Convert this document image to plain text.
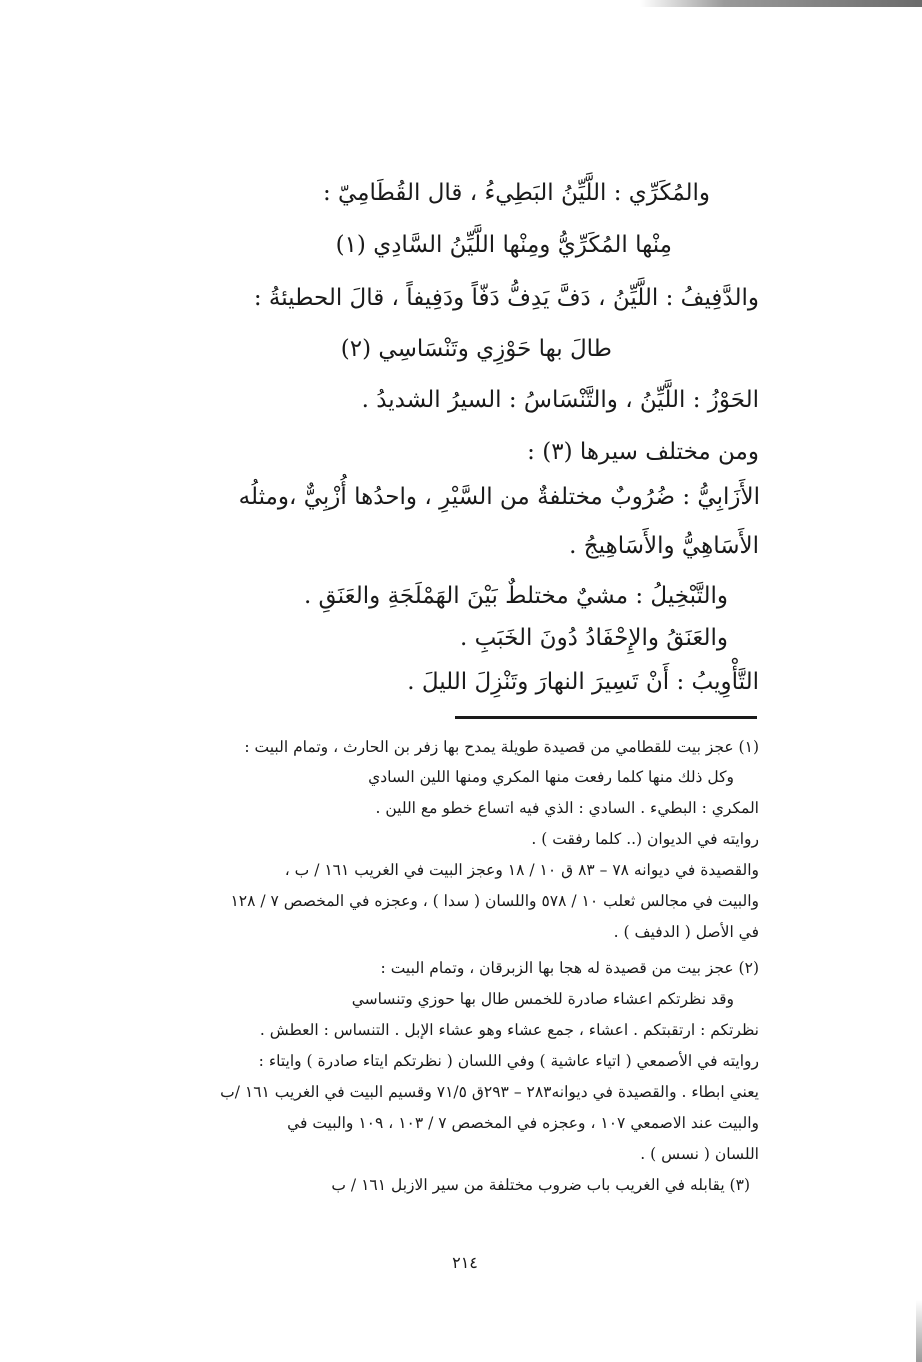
والمُكَرِّي : اللَّيِّنُ البَطِيءُ ، قال القُطَامِيّ :
مِنْها المُكَرِّيُّ ومِنْها اللَّيِّنُ السَّادِي (١)
والدَّفِيفُ : اللَّيِّنُ ، دَفَّ يَدِفُّ دَفّاً ودَفِيفاً ، قالَ الحطيئةُ :
طالَ بها حَوْزِي وتَنْسَاسِي (٢)
الحَوْزُ : اللَّيِّنُ ، والتَّنْسَاسُ : السيرُ الشديدُ .
ومن مختلف سيرها (٣) :
الأَزَابِيُّ : ضُرُوبٌ مختلفةٌ من السَّيْرِ ، واحدُها أُزْبِيٌّ ،ومثلُه
الأَسَاهِيُّ والأَسَاهِيجُ .
والتَّبْخِيلُ : مشيٌ مختلطٌ بَيْنَ الهَمْلَجَةِ والعَنَقِ .
والعَنَقُ والإِحْفَادُ دُونَ الخَبَبِ .
التَّأْوِيبُ : أَنْ تَسِيرَ النهارَ وتَنْزِلَ الليلَ .
(١) عجز بيت للقطامي من قصيدة طويلة يمدح بها زفر بن الحارث ، وتمام البيت :
وكل ذلك منها كلما رفعت منها المكري ومنها اللين السادي
المكري : البطيء . السادي : الذي فيه اتساع خطو مع اللين .
روايته في الديوان (.. كلما رفقت ) .
والقصيدة في ديوانه ٧٨ – ٨٣ ق ١٠ / ١٨ وعجز البيت في الغريب ١٦١ / ب ،
والبيت في مجالس ثعلب ١٠ / ٥٧٨ واللسان ( سدا ) ، وعجزه في المخصص ٧ / ١٢٨
في الأصل ( الدفيف ) .
(٢) عجز بيت من قصيدة له هجا بها الزبرقان ، وتمام البيت :
وقد نظرتكم اعشاء صادرة للخمس طال بها حوزي وتنساسي
نظرتكم : ارتقبتكم . اعشاء ، جمع عشاء وهو عشاء الإبل . التنساس : العطش .
روايته في الأصمعي ( اتياء عاشية ) وفي اللسان ( نظرتكم ايتاء صادرة ) وايتاء :
يعني ابطاء . والقصيدة في ديوانه٢٨٣ – ٢٩٣ق ٧١/٥ وقسيم البيت في الغريب ١٦١ /ب
والبيت عند الاصمعي ١٠٧ ، وعجزه في المخصص ٧ / ١٠٣ ، ١٠٩ والبيت في
اللسان ( نسس ) .
(٣) يقابله في الغريب باب ضروب مختلفة من سير الازبل ١٦١ / ب
٢١٤
